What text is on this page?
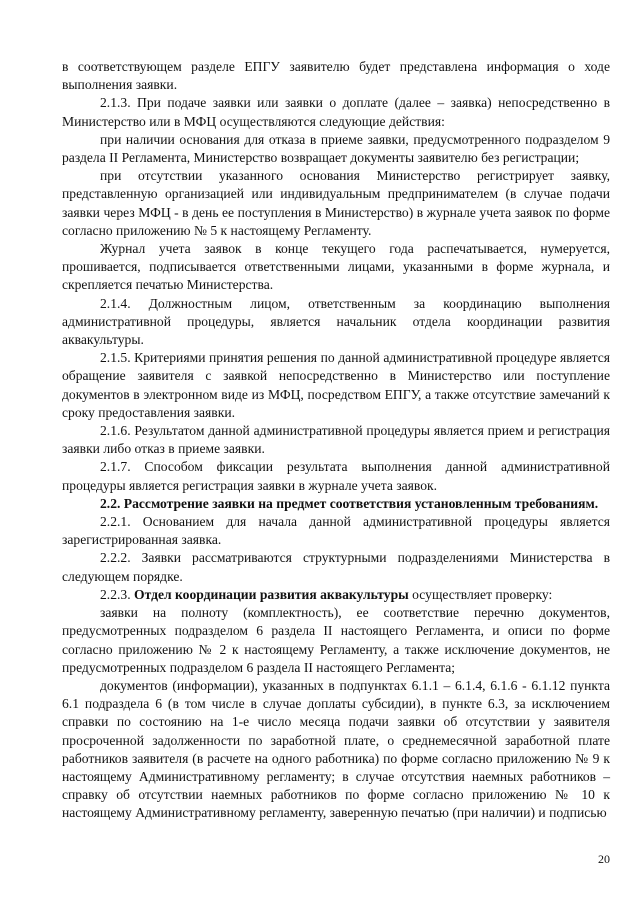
в соответствующем разделе ЕПГУ заявителю будет представлена информация о ходе выполнения заявки.

2.1.3. При подаче заявки или заявки о доплате (далее – заявка) непосредственно в Министерство или в МФЦ осуществляются следующие действия:

при наличии основания для отказа в приеме заявки, предусмотренного подразделом 9 раздела II Регламента, Министерство возвращает документы заявителю без регистрации;

при отсутствии указанного основания Министерство регистрирует заявку, представленную организацией или индивидуальным предпринимателем (в случае подачи заявки через МФЦ - в день ее поступления в Министерство) в журнале учета заявок по форме согласно приложению № 5 к настоящему Регламенту.

Журнал учета заявок в конце текущего года распечатывается, нумеруется, прошивается, подписывается ответственными лицами, указанными в форме журнала, и скрепляется печатью Министерства.

2.1.4. Должностным лицом, ответственным за координацию выполнения административной процедуры, является начальник отдела координации развития аквакультуры.

2.1.5. Критериями принятия решения по данной административной процедуре является обращение заявителя с заявкой непосредственно в Министерство или поступление документов в электронном виде из МФЦ, посредством ЕПГУ, а также отсутствие замечаний к сроку предоставления заявки.

2.1.6. Результатом данной административной процедуры является прием и регистрация заявки либо отказ в приеме заявки.

2.1.7. Способом фиксации результата выполнения данной административной процедуры является регистрация заявки в журнале учета заявок.

2.2. Рассмотрение заявки на предмет соответствия установленным требованиям.

2.2.1. Основанием для начала данной административной процедуры является зарегистрированная заявка.

2.2.2. Заявки рассматриваются структурными подразделениями Министерства в следующем порядке.

2.2.3. Отдел координации развития аквакультуры осуществляет проверку:

заявки на полноту (комплектность), ее соответствие перечню документов, предусмотренных подразделом 6 раздела II настоящего Регламента, и описи по форме согласно приложению № 2 к настоящему Регламенту, а также исключение документов, не предусмотренных подразделом 6 раздела II настоящего Регламента;

документов (информации), указанных в подпунктах 6.1.1 – 6.1.4, 6.1.6 - 6.1.12 пункта 6.1 подраздела 6 (в том числе в случае доплаты субсидии), в пункте 6.3, за исключением справки по состоянию на 1-е число месяца подачи заявки об отсутствии у заявителя просроченной задолженности по заработной плате, о среднемесячной заработной плате работников заявителя (в расчете на одного работника) по форме согласно приложению № 9 к настоящему Административному регламенту; в случае отсутствия наемных работников – справку об отсутствии наемных работников по форме согласно приложению № 10 к настоящему Административному регламенту, заверенную печатью (при наличии) и подписью

20
